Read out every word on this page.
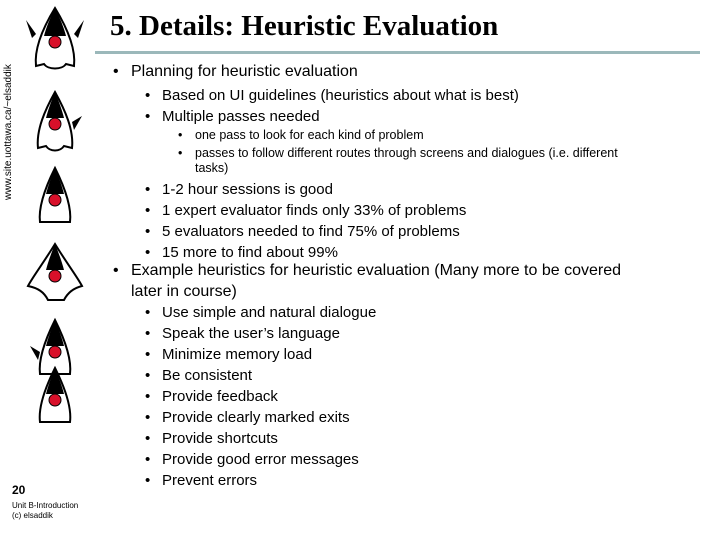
www.site.uottawa.ca/~elsaddik
5. Details: Heuristic Evaluation
• Planning for heuristic evaluation
• Based on UI guidelines (heuristics about what is best)
• Multiple passes needed
• one pass to look for each kind of problem
• passes to follow different routes through screens and dialogues (i.e. different
tasks)
• 1-2 hour sessions is good
• 1 expert evaluator finds only 33% of problems
• 5 evaluators needed to find 75% of problems
• 15 more to find about 99%
• Example heuristics for heuristic evaluation (Many more to be covered
later in course)
• Use simple and natural dialogue
• Speak the user’s language
• Minimize memory load
• Be consistent
• Provide feedback
• Provide clearly marked exits
• Provide shortcuts
• Provide good error messages
• Prevent errors
20
Unit B-Introduction
(c) elsaddik
